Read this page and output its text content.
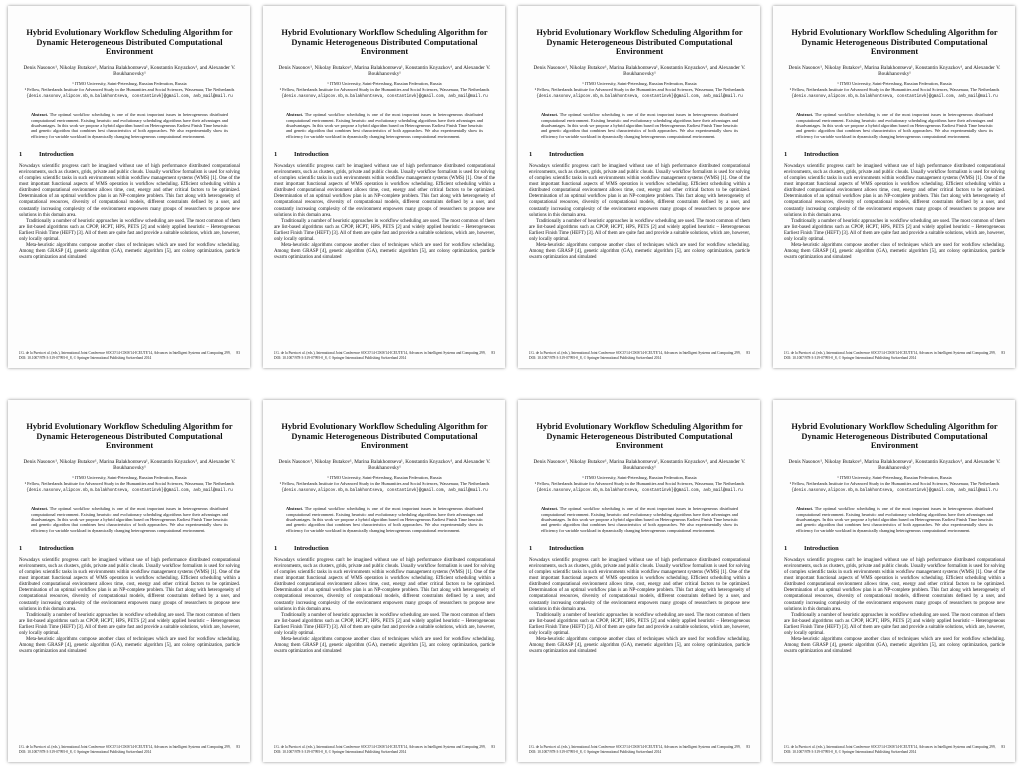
Hybrid Evolutionary Workflow Scheduling Algorithm for Dynamic Heterogeneous Distributed Computational Environment
Denis Nasonov¹, Nikolay Butakov¹, Marina Balakhontseva¹, Konstantin Knyazkov¹, and Alexander V. Boukhanovsky¹
¹ ITMO University, Saint-Petersburg, Russian Federation, Russia
² Fellow, Netherlands Institute for Advanced Study in the Humanities and Social Sciences, Wassenaar, The Netherlands
{denis.nasonov,alipcov.nb,m.balakhontseva, constantinvk}@gmail.com, avb_mail@mail.ru
Abstract. The optimal workflow scheduling is one of the most important issues in heterogeneous distributed computational environment. Existing heuristic and evolutionary scheduling algorithms have their advantages and disadvantages. In this work we propose a hybrid algorithm based on Heterogeneous Earliest Finish Time heuristic and genetic algorithm that combines best characteristics of both approaches. We also experimentally show its efficiency for variable workload in dynamically changing heterogeneous computational environment.
1	Introduction

Nowadays scientific progress can't be imagined without use of high performance distributed computational environments, such as clusters, grids, private and public clouds. Usually workflow formalism is used for solving of complex scientific tasks in such environments within workflow management systems (WMS) [1]. One of the most important functional aspects of WMS operation is workflow scheduling. Efficient scheduling within a distributed computational environment allows time, cost, energy and other critical factors to be optimized. Determination of an optimal workflow plan is an NP-complete problem. This fact along with heterogeneity of computational resources, diversity of computational models, different constraints defined by a user, and constantly increasing complexity of the environment empowers many groups of researchers to propose new solutions in this domain area.

Traditionally a number of heuristic approaches in workflow scheduling are used. The most common of them are list-based algorithms such as CPOP, HCPT, HPS, PETS [2] and widely applied heuristic – Heterogeneous Earliest Finish Time (HEFT) [3]. All of them are quite fast and provide a suitable solutions, which are, however, only locally optimal.

Meta-heuristic algorithms compose another class of techniques which are used for workflow scheduling. Among them GRASP [4], genetic algorithm (GA), memetic algorithm [5], ant colony optimization, particle swarm optimization and simulated

J.G. de la Puerta et al. (eds.), International Joint Conference SOCO'14-CISIS'14-ICEUTE'14, Advances in Intelligent Systems and Computing 299,
DOI: 10.1007/978-3-319-07995-0_8, © Springer International Publishing Switzerland 2014
83
Hybrid Evolutionary Workflow Scheduling Algorithm for Dynamic Heterogeneous Distributed Computational Environment
Denis Nasonov¹, Nikolay Butakov¹, Marina Balakhontseva¹, Konstantin Knyazkov¹, and Alexander V. Boukhanovsky¹
¹ ITMO University, Saint-Petersburg, Russian Federation, Russia
² Fellow, Netherlands Institute for Advanced Study in the Humanities and Social Sciences, Wassenaar, The Netherlands
{denis.nasonov,alipcov.nb,m.balakhontseva, constantinvk}@gmail.com, avb_mail@mail.ru
Abstract. The optimal workflow scheduling is one of the most important issues in heterogeneous distributed computational environment. Existing heuristic and evolutionary scheduling algorithms have their advantages and disadvantages. In this work we propose a hybrid algorithm based on Heterogeneous Earliest Finish Time heuristic and genetic algorithm that combines best characteristics of both approaches. We also experimentally show its efficiency for variable workload in dynamically changing heterogeneous computational environment.
1	Introduction

Nowadays scientific progress can't be imagined without use of high performance distributed computational environments, such as clusters, grids, private and public clouds. Usually workflow formalism is used for solving of complex scientific tasks in such environments within workflow management systems (WMS) [1]. One of the most important functional aspects of WMS operation is workflow scheduling. Efficient scheduling within a distributed computational environment allows time, cost, energy and other critical factors to be optimized. Determination of an optimal workflow plan is an NP-complete problem. This fact along with heterogeneity of computational resources, diversity of computational models, different constraints defined by a user, and constantly increasing complexity of the environment empowers many groups of researchers to propose new solutions in this domain area.

Traditionally a number of heuristic approaches in workflow scheduling are used. The most common of them are list-based algorithms such as CPOP, HCPT, HPS, PETS [2] and widely applied heuristic – Heterogeneous Earliest Finish Time (HEFT) [3]. All of them are quite fast and provide a suitable solutions, which are, however, only locally optimal.

Meta-heuristic algorithms compose another class of techniques which are used for workflow scheduling. Among them GRASP [4], genetic algorithm (GA), memetic algorithm [5], ant colony optimization, particle swarm optimization and simulated

J.G. de la Puerta et al. (eds.), International Joint Conference SOCO'14-CISIS'14-ICEUTE'14, Advances in Intelligent Systems and Computing 299,
DOI: 10.1007/978-3-319-07995-0_8, © Springer International Publishing Switzerland 2014
83
Hybrid Evolutionary Workflow Scheduling Algorithm for Dynamic Heterogeneous Distributed Computational Environment
Denis Nasonov¹, Nikolay Butakov¹, Marina Balakhontseva¹, Konstantin Knyazkov¹, and Alexander V. Boukhanovsky¹
¹ ITMO University, Saint-Petersburg, Russian Federation, Russia
² Fellow, Netherlands Institute for Advanced Study in the Humanities and Social Sciences, Wassenaar, The Netherlands
{denis.nasonov,alipcov.nb,m.balakhontseva, constantinvk}@gmail.com, avb_mail@mail.ru
Abstract. The optimal workflow scheduling is one of the most important issues in heterogeneous distributed computational environment. Existing heuristic and evolutionary scheduling algorithms have their advantages and disadvantages. In this work we propose a hybrid algorithm based on Heterogeneous Earliest Finish Time heuristic and genetic algorithm that combines best characteristics of both approaches. We also experimentally show its efficiency for variable workload in dynamically changing heterogeneous computational environment.
1	Introduction

Nowadays scientific progress can't be imagined without use of high performance distributed computational environments, such as clusters, grids, private and public clouds. Usually workflow formalism is used for solving of complex scientific tasks in such environments within workflow management systems (WMS) [1]. One of the most important functional aspects of WMS operation is workflow scheduling. Efficient scheduling within a distributed computational environment allows time, cost, energy and other critical factors to be optimized. Determination of an optimal workflow plan is an NP-complete problem. This fact along with heterogeneity of computational resources, diversity of computational models, different constraints defined by a user, and constantly increasing complexity of the environment empowers many groups of researchers to propose new solutions in this domain area.

Traditionally a number of heuristic approaches in workflow scheduling are used. The most common of them are list-based algorithms such as CPOP, HCPT, HPS, PETS [2] and widely applied heuristic – Heterogeneous Earliest Finish Time (HEFT) [3]. All of them are quite fast and provide a suitable solutions, which are, however, only locally optimal.

Meta-heuristic algorithms compose another class of techniques which are used for workflow scheduling. Among them GRASP [4], genetic algorithm (GA), memetic algorithm [5], ant colony optimization, particle swarm optimization and simulated

J.G. de la Puerta et al. (eds.), International Joint Conference SOCO'14-CISIS'14-ICEUTE'14, Advances in Intelligent Systems and Computing 299,
DOI: 10.1007/978-3-319-07995-0_8, © Springer International Publishing Switzerland 2014
83
Hybrid Evolutionary Workflow Scheduling Algorithm for Dynamic Heterogeneous Distributed Computational Environment
Denis Nasonov¹, Nikolay Butakov¹, Marina Balakhontseva¹, Konstantin Knyazkov¹, and Alexander V. Boukhanovsky¹
¹ ITMO University, Saint-Petersburg, Russian Federation, Russia
² Fellow, Netherlands Institute for Advanced Study in the Humanities and Social Sciences, Wassenaar, The Netherlands
{denis.nasonov,alipcov.nb,m.balakhontseva, constantinvk}@gmail.com, avb_mail@mail.ru
Abstract. The optimal workflow scheduling is one of the most important issues in heterogeneous distributed computational environment. Existing heuristic and evolutionary scheduling algorithms have their advantages and disadvantages. In this work we propose a hybrid algorithm based on Heterogeneous Earliest Finish Time heuristic and genetic algorithm that combines best characteristics of both approaches. We also experimentally show its efficiency for variable workload in dynamically changing heterogeneous computational environment.
1	Introduction

Nowadays scientific progress can't be imagined without use of high performance distributed computational environments, such as clusters, grids, private and public clouds. Usually workflow formalism is used for solving of complex scientific tasks in such environments within workflow management systems (WMS) [1]. One of the most important functional aspects of WMS operation is workflow scheduling. Efficient scheduling within a distributed computational environment allows time, cost, energy and other critical factors to be optimized. Determination of an optimal workflow plan is an NP-complete problem. This fact along with heterogeneity of computational resources, diversity of computational models, different constraints defined by a user, and constantly increasing complexity of the environment empowers many groups of researchers to propose new solutions in this domain area.

Traditionally a number of heuristic approaches in workflow scheduling are used. The most common of them are list-based algorithms such as CPOP, HCPT, HPS, PETS [2] and widely applied heuristic – Heterogeneous Earliest Finish Time (HEFT) [3]. All of them are quite fast and provide a suitable solutions, which are, however, only locally optimal.

Meta-heuristic algorithms compose another class of techniques which are used for workflow scheduling. Among them GRASP [4], genetic algorithm (GA), memetic algorithm [5], ant colony optimization, particle swarm optimization and simulated

J.G. de la Puerta et al. (eds.), International Joint Conference SOCO'14-CISIS'14-ICEUTE'14, Advances in Intelligent Systems and Computing 299,
DOI: 10.1007/978-3-319-07995-0_8, © Springer International Publishing Switzerland 2014
83
Hybrid Evolutionary Workflow Scheduling Algorithm for Dynamic Heterogeneous Distributed Computational Environment
Denis Nasonov¹, Nikolay Butakov¹, Marina Balakhontseva¹, Konstantin Knyazkov¹, and Alexander V. Boukhanovsky¹
¹ ITMO University, Saint-Petersburg, Russian Federation, Russia
² Fellow, Netherlands Institute for Advanced Study in the Humanities and Social Sciences, Wassenaar, The Netherlands
{denis.nasonov,alipcov.nb,m.balakhontseva, constantinvk}@gmail.com, avb_mail@mail.ru
Abstract. The optimal workflow scheduling is one of the most important issues in heterogeneous distributed computational environment. Existing heuristic and evolutionary scheduling algorithms have their advantages and disadvantages. In this work we propose a hybrid algorithm based on Heterogeneous Earliest Finish Time heuristic and genetic algorithm that combines best characteristics of both approaches. We also experimentally show its efficiency for variable workload in dynamically changing heterogeneous computational environment.
1	Introduction

Nowadays scientific progress can't be imagined without use of high performance distributed computational environments, such as clusters, grids, private and public clouds. Usually workflow formalism is used for solving of complex scientific tasks in such environments within workflow management systems (WMS) [1]. One of the most important functional aspects of WMS operation is workflow scheduling. Efficient scheduling within a distributed computational environment allows time, cost, energy and other critical factors to be optimized. Determination of an optimal workflow plan is an NP-complete problem. This fact along with heterogeneity of computational resources, diversity of computational models, different constraints defined by a user, and constantly increasing complexity of the environment empowers many groups of researchers to propose new solutions in this domain area.

Traditionally a number of heuristic approaches in workflow scheduling are used. The most common of them are list-based algorithms such as CPOP, HCPT, HPS, PETS [2] and widely applied heuristic – Heterogeneous Earliest Finish Time (HEFT) [3]. All of them are quite fast and provide a suitable solutions, which are, however, only locally optimal.

Meta-heuristic algorithms compose another class of techniques which are used for workflow scheduling. Among them GRASP [4], genetic algorithm (GA), memetic algorithm [5], ant colony optimization, particle swarm optimization and simulated

J.G. de la Puerta et al. (eds.), International Joint Conference SOCO'14-CISIS'14-ICEUTE'14, Advances in Intelligent Systems and Computing 299,
DOI: 10.1007/978-3-319-07995-0_8, © Springer International Publishing Switzerland 2014
83
Hybrid Evolutionary Workflow Scheduling Algorithm for Dynamic Heterogeneous Distributed Computational Environment
Denis Nasonov¹, Nikolay Butakov¹, Marina Balakhontseva¹, Konstantin Knyazkov¹, and Alexander V. Boukhanovsky¹
¹ ITMO University, Saint-Petersburg, Russian Federation, Russia
² Fellow, Netherlands Institute for Advanced Study in the Humanities and Social Sciences, Wassenaar, The Netherlands
{denis.nasonov,alipcov.nb,m.balakhontseva, constantinvk}@gmail.com, avb_mail@mail.ru
Abstract. The optimal workflow scheduling is one of the most important issues in heterogeneous distributed computational environment. Existing heuristic and evolutionary scheduling algorithms have their advantages and disadvantages. In this work we propose a hybrid algorithm based on Heterogeneous Earliest Finish Time heuristic and genetic algorithm that combines best characteristics of both approaches. We also experimentally show its efficiency for variable workload in dynamically changing heterogeneous computational environment.
1	Introduction

Nowadays scientific progress can't be imagined without use of high performance distributed computational environments, such as clusters, grids, private and public clouds. Usually workflow formalism is used for solving of complex scientific tasks in such environments within workflow management systems (WMS) [1]. One of the most important functional aspects of WMS operation is workflow scheduling. Efficient scheduling within a distributed computational environment allows time, cost, energy and other critical factors to be optimized. Determination of an optimal workflow plan is an NP-complete problem. This fact along with heterogeneity of computational resources, diversity of computational models, different constraints defined by a user, and constantly increasing complexity of the environment empowers many groups of researchers to propose new solutions in this domain area.

Traditionally a number of heuristic approaches in workflow scheduling are used. The most common of them are list-based algorithms such as CPOP, HCPT, HPS, PETS [2] and widely applied heuristic – Heterogeneous Earliest Finish Time (HEFT) [3]. All of them are quite fast and provide a suitable solutions, which are, however, only locally optimal.

Meta-heuristic algorithms compose another class of techniques which are used for workflow scheduling. Among them GRASP [4], genetic algorithm (GA), memetic algorithm [5], ant colony optimization, particle swarm optimization and simulated

J.G. de la Puerta et al. (eds.), International Joint Conference SOCO'14-CISIS'14-ICEUTE'14, Advances in Intelligent Systems and Computing 299,
DOI: 10.1007/978-3-319-07995-0_8, © Springer International Publishing Switzerland 2014
83
Hybrid Evolutionary Workflow Scheduling Algorithm for Dynamic Heterogeneous Distributed Computational Environment
Denis Nasonov¹, Nikolay Butakov¹, Marina Balakhontseva¹, Konstantin Knyazkov¹, and Alexander V. Boukhanovsky¹
¹ ITMO University, Saint-Petersburg, Russian Federation, Russia
² Fellow, Netherlands Institute for Advanced Study in the Humanities and Social Sciences, Wassenaar, The Netherlands
{denis.nasonov,alipcov.nb,m.balakhontseva, constantinvk}@gmail.com, avb_mail@mail.ru
Abstract. The optimal workflow scheduling is one of the most important issues in heterogeneous distributed computational environment. Existing heuristic and evolutionary scheduling algorithms have their advantages and disadvantages. In this work we propose a hybrid algorithm based on Heterogeneous Earliest Finish Time heuristic and genetic algorithm that combines best characteristics of both approaches. We also experimentally show its efficiency for variable workload in dynamically changing heterogeneous computational environment.
1	Introduction

Nowadays scientific progress can't be imagined without use of high performance distributed computational environments, such as clusters, grids, private and public clouds. Usually workflow formalism is used for solving of complex scientific tasks in such environments within workflow management systems (WMS) [1]. One of the most important functional aspects of WMS operation is workflow scheduling. Efficient scheduling within a distributed computational environment allows time, cost, energy and other critical factors to be optimized. Determination of an optimal workflow plan is an NP-complete problem. This fact along with heterogeneity of computational resources, diversity of computational models, different constraints defined by a user, and constantly increasing complexity of the environment empowers many groups of researchers to propose new solutions in this domain area.

Traditionally a number of heuristic approaches in workflow scheduling are used. The most common of them are list-based algorithms such as CPOP, HCPT, HPS, PETS [2] and widely applied heuristic – Heterogeneous Earliest Finish Time (HEFT) [3]. All of them are quite fast and provide a suitable solutions, which are, however, only locally optimal.

Meta-heuristic algorithms compose another class of techniques which are used for workflow scheduling. Among them GRASP [4], genetic algorithm (GA), memetic algorithm [5], ant colony optimization, particle swarm optimization and simulated

J.G. de la Puerta et al. (eds.), International Joint Conference SOCO'14-CISIS'14-ICEUTE'14, Advances in Intelligent Systems and Computing 299,
DOI: 10.1007/978-3-319-07995-0_8, © Springer International Publishing Switzerland 2014
83
Hybrid Evolutionary Workflow Scheduling Algorithm for Dynamic Heterogeneous Distributed Computational Environment
Denis Nasonov¹, Nikolay Butakov¹, Marina Balakhontseva¹, Konstantin Knyazkov¹, and Alexander V. Boukhanovsky¹
¹ ITMO University, Saint-Petersburg, Russian Federation, Russia
² Fellow, Netherlands Institute for Advanced Study in the Humanities and Social Sciences, Wassenaar, The Netherlands
{denis.nasonov,alipcov.nb,m.balakhontseva, constantinvk}@gmail.com, avb_mail@mail.ru
Abstract. The optimal workflow scheduling is one of the most important issues in heterogeneous distributed computational environment. Existing heuristic and evolutionary scheduling algorithms have their advantages and disadvantages. In this work we propose a hybrid algorithm based on Heterogeneous Earliest Finish Time heuristic and genetic algorithm that combines best characteristics of both approaches. We also experimentally show its efficiency for variable workload in dynamically changing heterogeneous computational environment.
1	Introduction

Nowadays scientific progress can't be imagined without use of high performance distributed computational environments, such as clusters, grids, private and public clouds. Usually workflow formalism is used for solving of complex scientific tasks in such environments within workflow management systems (WMS) [1]. One of the most important functional aspects of WMS operation is workflow scheduling. Efficient scheduling within a distributed computational environment allows time, cost, energy and other critical factors to be optimized. Determination of an optimal workflow plan is an NP-complete problem. This fact along with heterogeneity of computational resources, diversity of computational models, different constraints defined by a user, and constantly increasing complexity of the environment empowers many groups of researchers to propose new solutions in this domain area.

Traditionally a number of heuristic approaches in workflow scheduling are used. The most common of them are list-based algorithms such as CPOP, HCPT, HPS, PETS [2] and widely applied heuristic – Heterogeneous Earliest Finish Time (HEFT) [3]. All of them are quite fast and provide a suitable solutions, which are, however, only locally optimal.

Meta-heuristic algorithms compose another class of techniques which are used for workflow scheduling. Among them GRASP [4], genetic algorithm (GA), memetic algorithm [5], ant colony optimization, particle swarm optimization and simulated

J.G. de la Puerta et al. (eds.), International Joint Conference SOCO'14-CISIS'14-ICEUTE'14, Advances in Intelligent Systems and Computing 299,
DOI: 10.1007/978-3-319-07995-0_8, © Springer International Publishing Switzerland 2014
83
